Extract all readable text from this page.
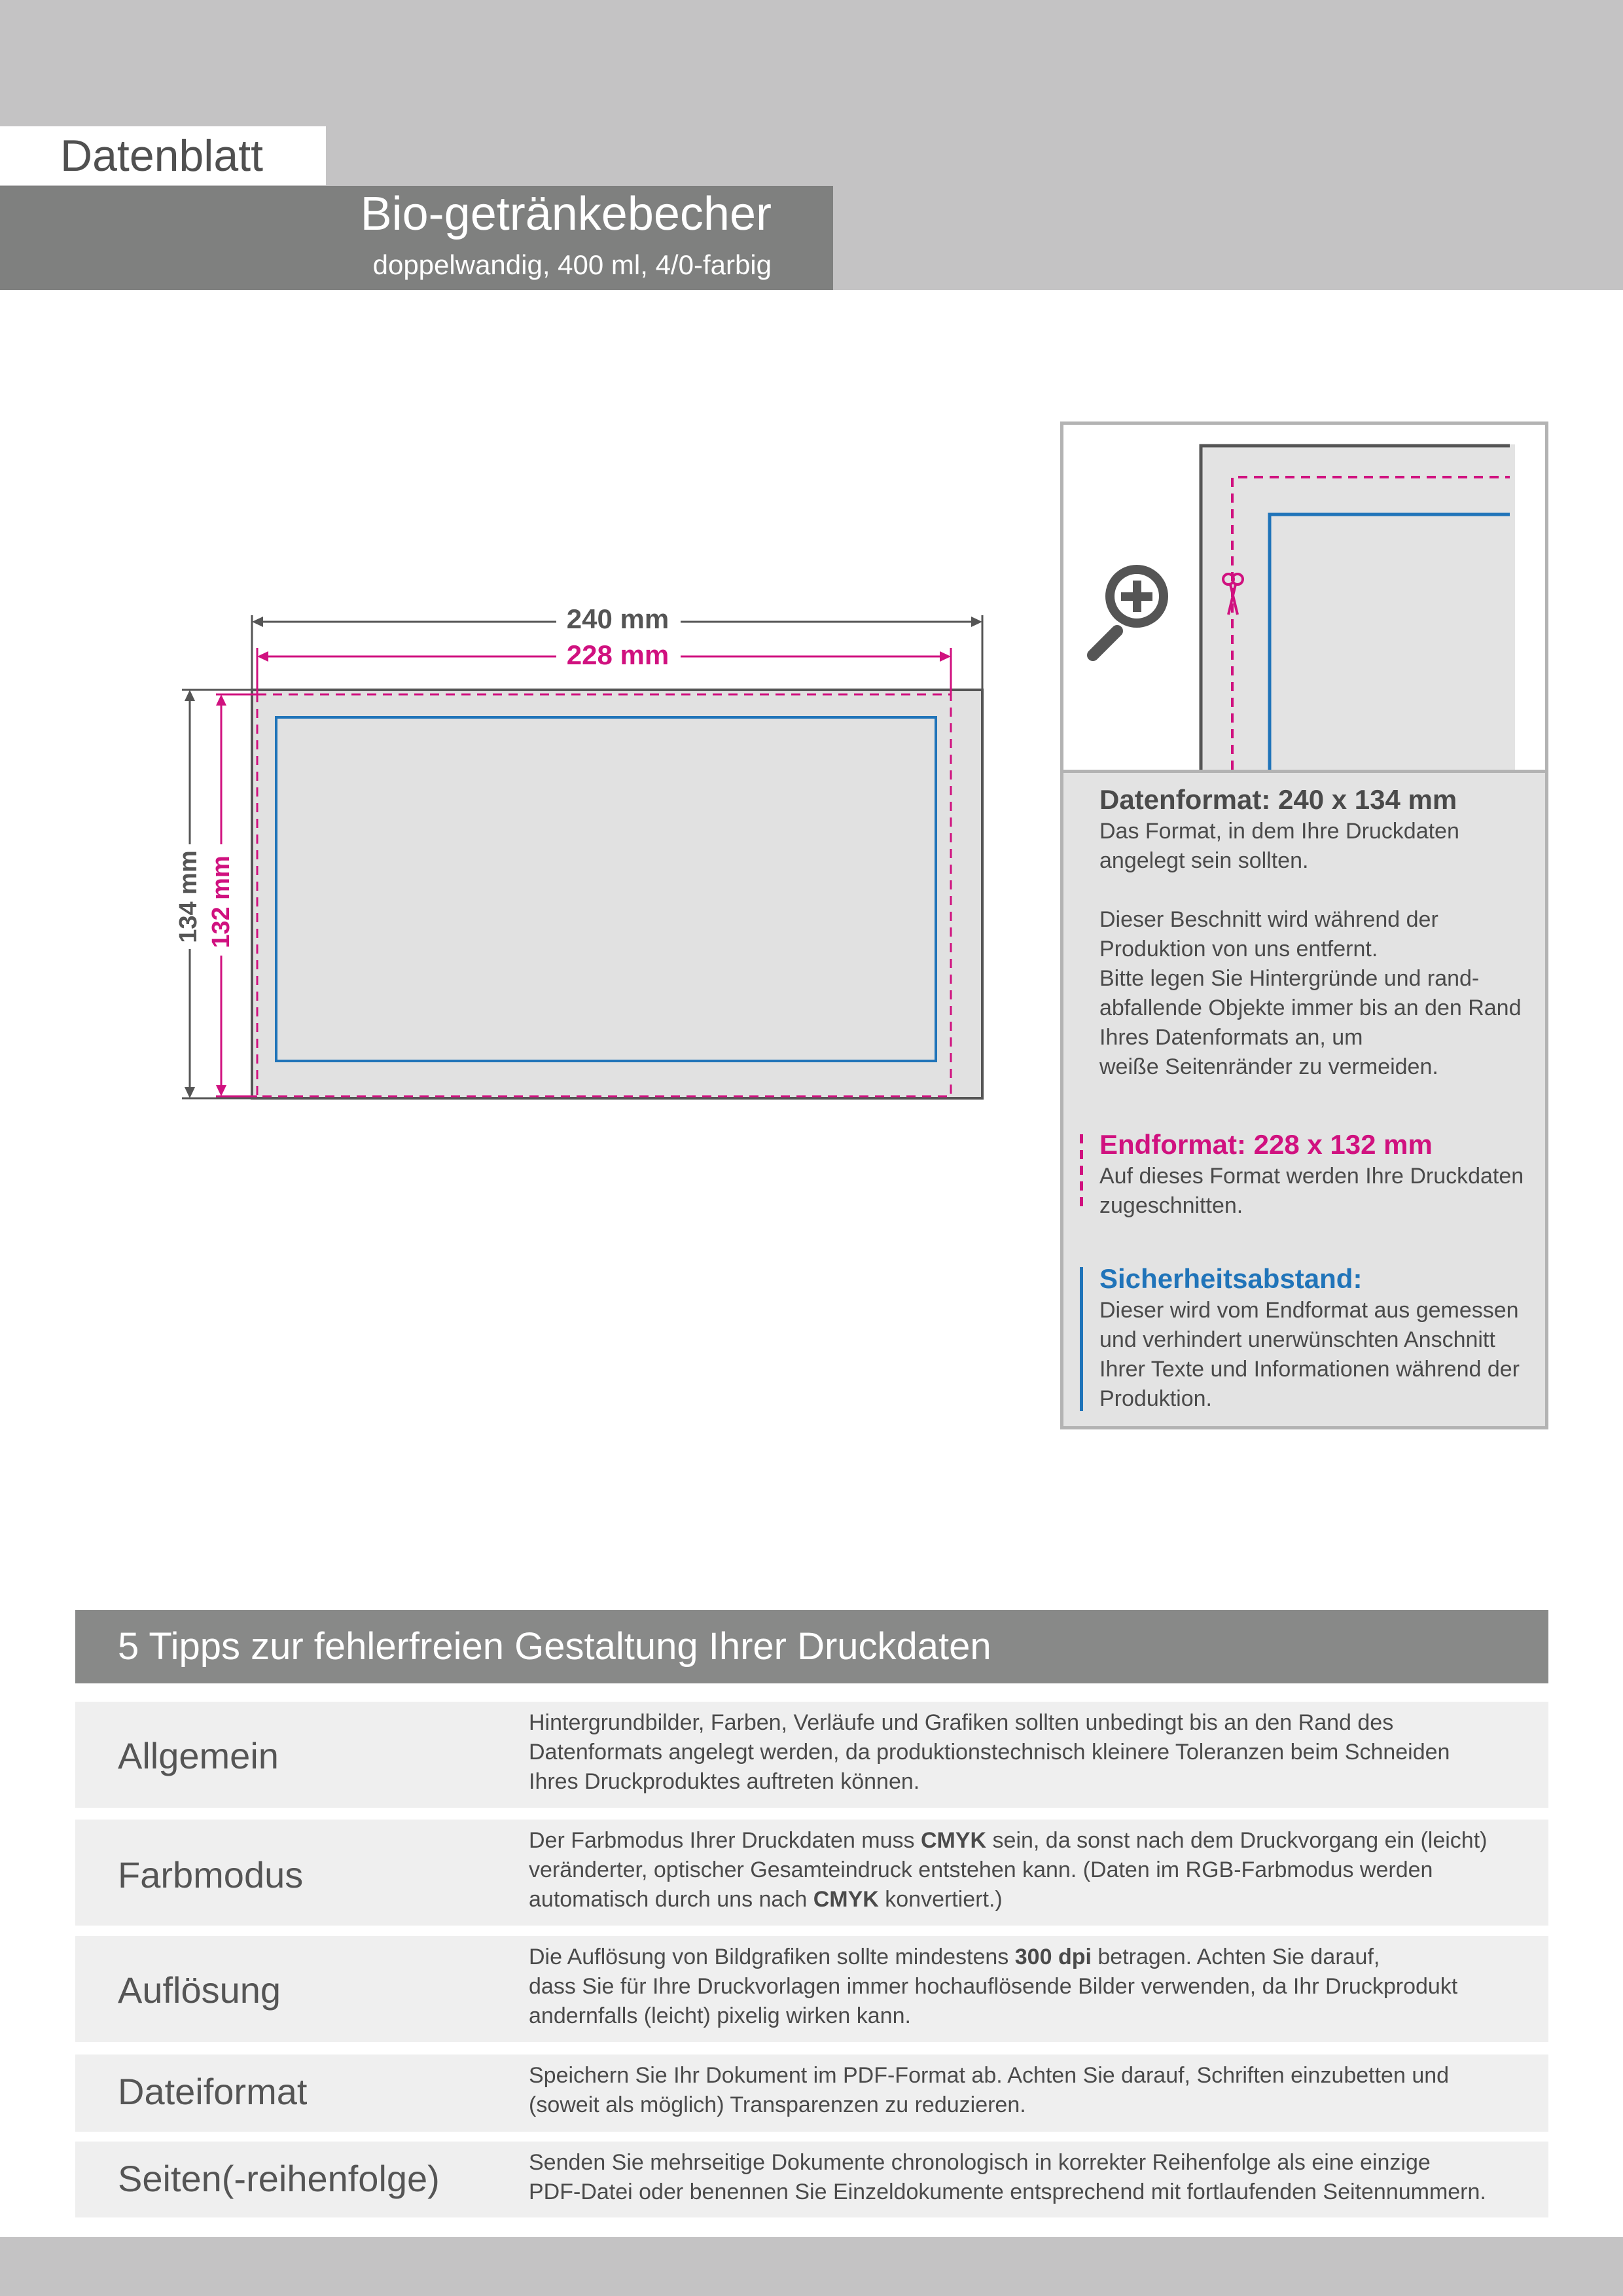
Datenblatt
Bio-getränkebecher
doppelwandig, 400 ml, 4/0-farbig
240 mm
228 mm
134 mm 132 mm
Datenformat: 240 x 134 mm
Das Format, in dem Ihre Druckdaten
angelegt sein sollten.
Dieser Beschnitt wird während der
Produktion von uns entfernt.
Bitte legen Sie Hintergründe und rand-
abfallende Objekte immer bis an den Rand
Ihres Datenformats an, um
weiße Seitenränder zu vermeiden.
Endformat: 228 x 132 mm
Auf dieses Format werden Ihre Druckdaten
zugeschnitten.
Sicherheitsabstand:
Dieser wird vom Endformat aus gemessen
und verhindert unerwünschten Anschnitt
Ihrer Texte und Informationen während der
Produktion.
5 Tipps zur fehlerfreien Gestaltung Ihrer Druckdaten
Allgemein
Hintergrundbilder, Farben, Verläufe und Grafiken sollten unbedingt bis an den Rand des
Datenformats angelegt werden, da produktionstechnisch kleinere Toleranzen beim Schneiden
Ihres Druckproduktes auftreten können.
Farbmodus
Der Farbmodus Ihrer Druckdaten muss CMYK sein, da sonst nach dem Druckvorgang ein (leicht)
veränderter, optischer Gesamteindruck entstehen kann. (Daten im RGB-Farbmodus werden
automatisch durch uns nach CMYK konvertiert.)
Auflösung
Die Auflösung von Bildgrafiken sollte mindestens 300 dpi betragen. Achten Sie darauf,
dass Sie für Ihre Druckvorlagen immer hochauflösende Bilder verwenden, da Ihr Druckprodukt
andernfalls (leicht) pixelig wirken kann.
Dateiformat	Speichern Sie Ihr Dokument im PDF-Format ab. Achten Sie darauf, Schriften einzubetten und
(soweit als möglich) Transparenzen zu reduzieren.
Seiten(-reihenfolge)	Senden Sie mehrseitige Dokumente chronologisch in korrekter Reihenfolge als eine einzige
PDF-Datei oder benennen Sie Einzeldokumente entsprechend mit fortlaufenden Seitennummern.
